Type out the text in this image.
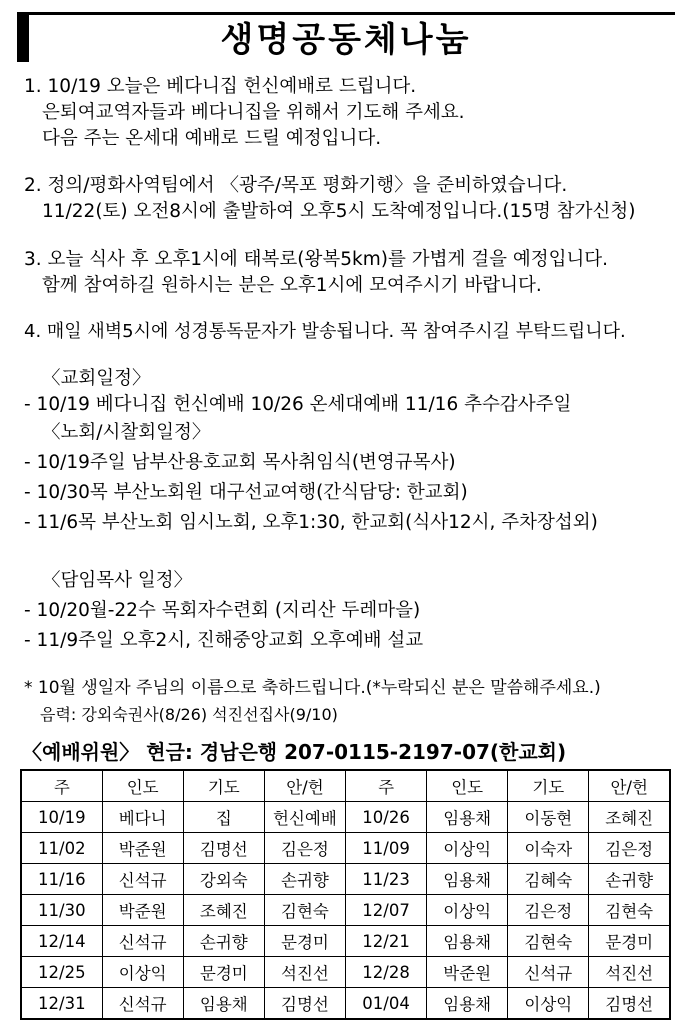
생명공동체나눔
1. 10/19 오늘은 베다니집 헌신예배로 드립니다.
은퇴여교역자들과 베다니집을 위해서 기도해 주세요.
다음 주는 온세대 예배로 드릴 예정입니다.
2. 정의/평화사역팀에서 〈광주/목포 평화기행〉을 준비하였습니다.
11/22(토) 오전8시에 출발하여 오후5시 도착예정입니다.(15명 참가신청)
3. 오늘 식사 후 오후1시에 태복로(왕복5km)를 가볍게 걸을 예정입니다.
함께 참여하길 원하시는 분은 오후1시에 모여주시기 바랍니다.
4. 매일 새벽5시에 성경통독문자가 발송됩니다. 꼭 참여주시길 부탁드립니다.
〈교회일정〉
- 10/19 베다니집 헌신예배 10/26 온세대예배 11/16 추수감사주일
〈노회/시찰회일정〉
- 10/19주일 남부산용호교회 목사취임식(변영규목사)
- 10/30목 부산노회원 대구선교여행(간식담당: 한교회)
- 11/6목 부산노회 임시노회, 오후1:30, 한교회(식사12시, 주차장섭외)
〈담임목사 일정〉
- 10/20월-22수 목회자수련회 (지리산 두레마을)
- 11/9주일 오후2시, 진해중앙교회 오후예배 설교
* 10월 생일자 주님의 이름으로 축하드립니다.(*누락되신 분은 말씀해주세요.)
음력: 강외숙권사(8/26) 석진선집사(9/10)
〈예배위원〉 현금: 경남은행 207-0115-2197-07(한교회)
주	인도	기도	안/헌	주	인도	기도	안/헌
10/19	베다니	집	헌신예배	10/26	임용채	이동현	조혜진
11/02	박준원	김명선	김은정	11/09	이상익	이숙자	김은정
11/16	신석규	강외숙	손귀향	11/23	임용채	김혜숙	손귀향
11/30	박준원	조혜진	김현숙	12/07	이상익	김은정	김현숙
12/14	신석규	손귀향	문경미	12/21	임용채	김현숙	문경미
12/25	이상익	문경미	석진선	12/28	박준원	신석규	석진선
12/31	신석규	임용채	김명선	01/04	임용채	이상익	김명선
